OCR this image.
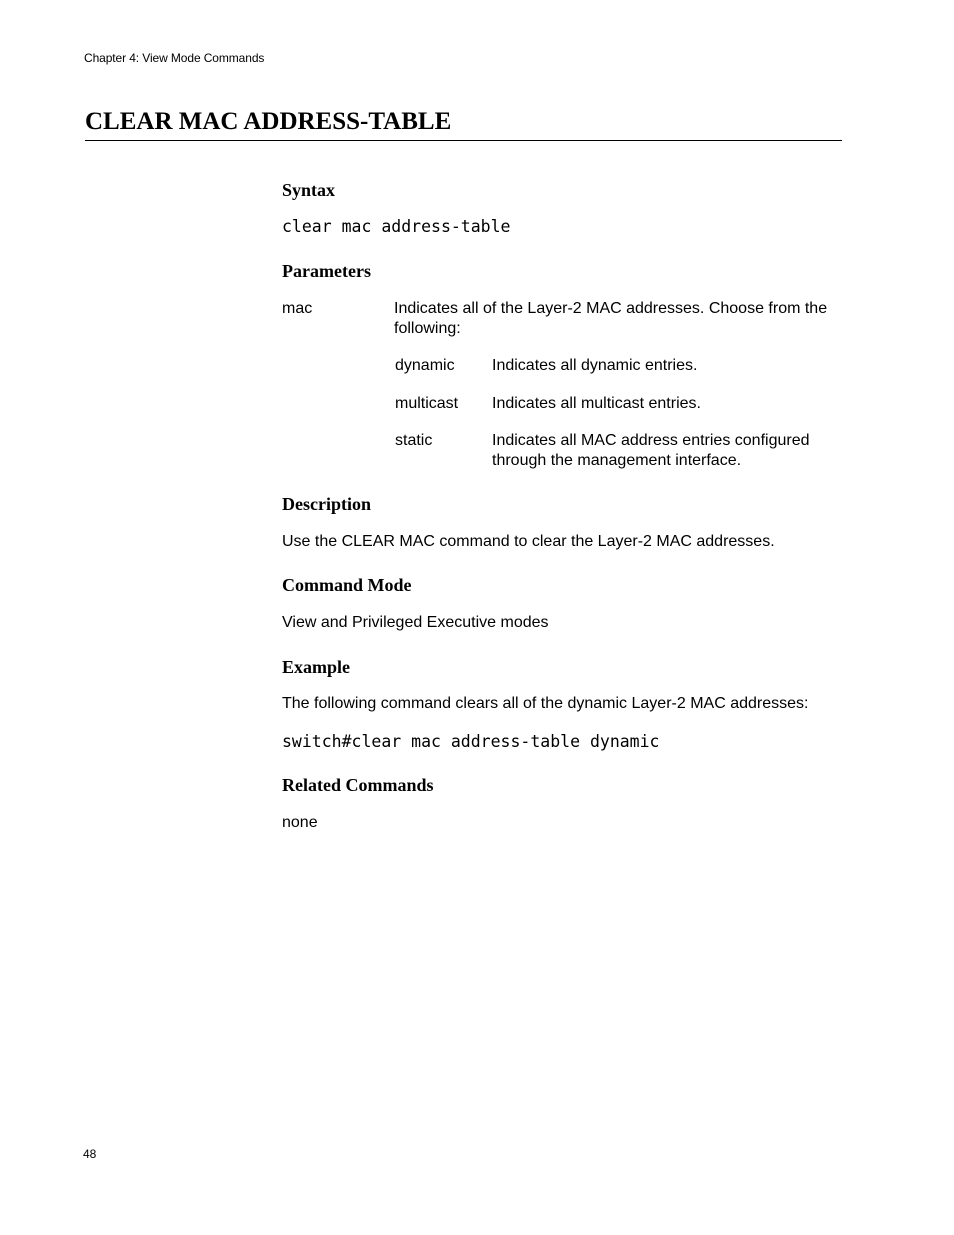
Chapter 4: View Mode Commands
CLEAR MAC ADDRESS-TABLE
Syntax
clear mac address-table
Parameters
mac	Indicates all of the Layer-2 MAC addresses. Choose from the following:
dynamic Indicates all dynamic entries.
multicast Indicates all multicast entries.
static	Indicates all MAC address entries configured through the management interface.
Description

Use the CLEAR MAC command to clear the Layer-2 MAC addresses.

Command Mode

View and Privileged Executive modes

Example

The following command clears all of the dynamic Layer-2 MAC addresses:

switch#clear mac address-table dynamic
Related Commands

none

48
